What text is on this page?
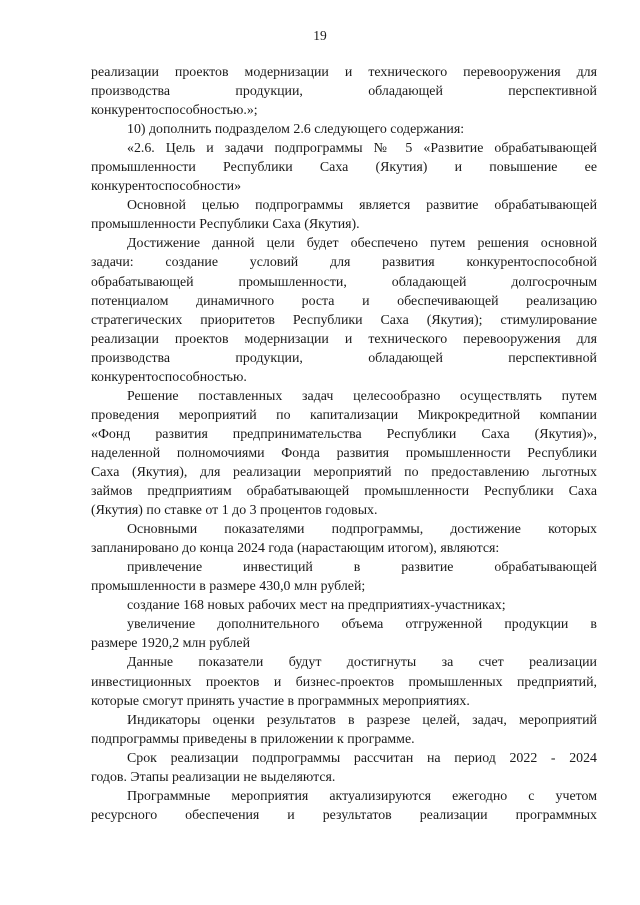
19
реализации проектов модернизации и технического перевооружения для
производства продукции, обладающей перспективной
конкурентоспособностью.»;
10) дополнить подразделом 2.6 следующего содержания:
«2.6. Цель и задачи подпрограммы № 5 «Развитие обрабатывающей
промышленности Республики Саха (Якутия) и повышение ее
конкурентоспособности»
Основной целью подпрограммы является развитие обрабатывающей
промышленности Республики Саха (Якутия).
Достижение данной цели будет обеспечено путем решения основной
задачи: создание условий для развития конкурентоспособной
обрабатывающей промышленности, обладающей долгосрочным
потенциалом динамичного роста и обеспечивающей реализацию
стратегических приоритетов Республики Саха (Якутия); стимулирование
реализации проектов модернизации и технического перевооружения для
производства продукции, обладающей перспективной
конкурентоспособностью.
Решение поставленных задач целесообразно осуществлять путем
проведения мероприятий по капитализации Микрокредитной компании
«Фонд развития предпринимательства Республики Саха (Якутия)»,
наделенной полномочиями Фонда развития промышленности Республики
Саха (Якутия), для реализации мероприятий по предоставлению льготных
займов предприятиям обрабатывающей промышленности Республики Саха
(Якутия) по ставке от 1 до 3 процентов годовых.
Основными показателями подпрограммы, достижение которых
запланировано до конца 2024 года (нарастающим итогом), являются:
привлечение инвестиций в развитие обрабатывающей
промышленности в размере 430,0 млн рублей;
создание 168 новых рабочих мест на предприятиях-участниках;
увеличение дополнительного объема отгруженной продукции в
размере 1920,2 млн рублей
Данные показатели будут достигнуты за счет реализации
инвестиционных проектов и бизнес-проектов промышленных предприятий,
которые смогут принять участие в программных мероприятиях.
Индикаторы оценки результатов в разрезе целей, задач, мероприятий
подпрограммы приведены в приложении к программе.
Срок реализации подпрограммы рассчитан на период 2022 - 2024
годов. Этапы реализации не выделяются.
Программные мероприятия актуализируются ежегодно с учетом
ресурсного обеспечения и результатов реализации программных
